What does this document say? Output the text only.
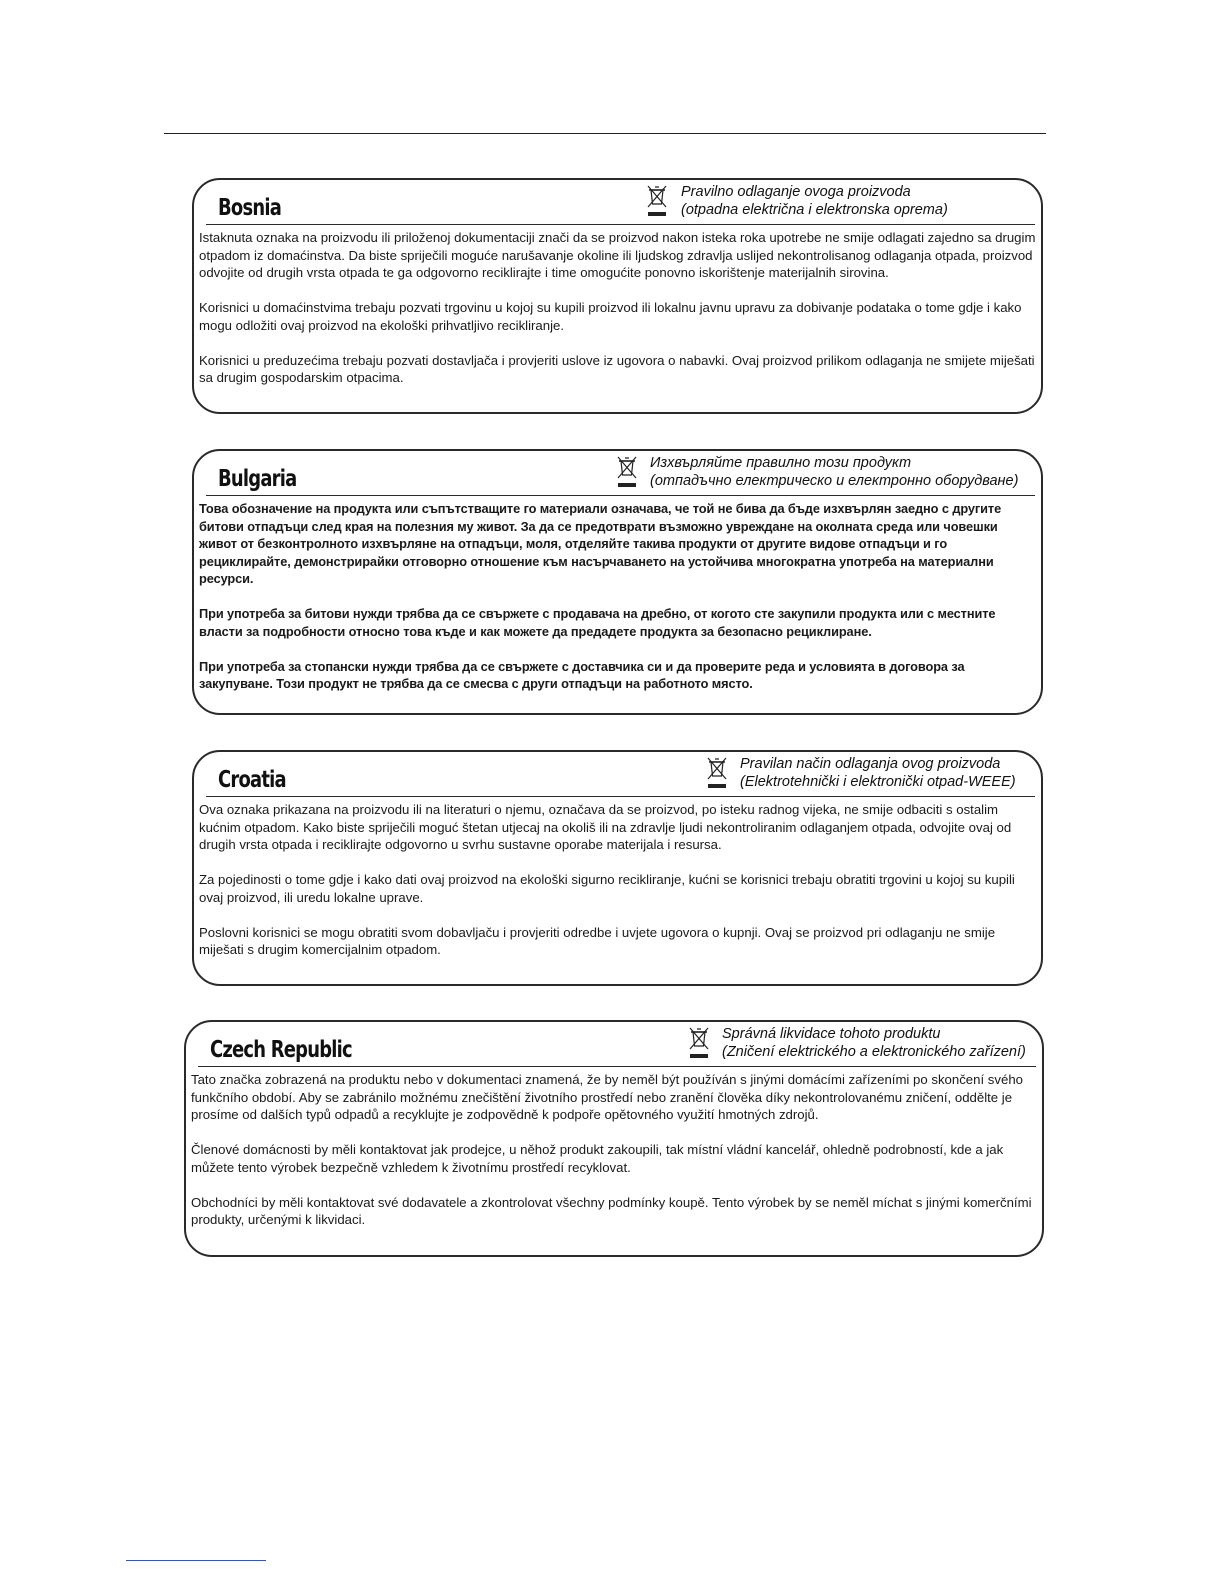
Bosnia
Pravilno odlaganje ovoga proizvoda
(otpadna električna i elektronska oprema)

Istaknuta oznaka na proizvodu ili priloženoj dokumentaciji znači da se proizvod nakon isteka roka upotrebe ne smije odlagati zajedno sa drugim otpadom iz domaćinstva. Da biste spriječili moguće narušavanje okoline ili ljudskog zdravlja uslijed nekontrolisanog odlaganja otpada, proizvod odvojite od drugih vrsta otpada te ga odgovorno reciklirajte i time omogućite ponovno iskorištenje materijalnih sirovina.

Korisnici u domaćinstvima trebaju pozvati trgovinu u kojoj su kupili proizvod ili lokalnu javnu upravu za dobivanje podataka o tome gdje i kako mogu odložiti ovaj proizvod na ekološki prihvatljivo recikliranje.

Korisnici u preduzećima trebaju pozvati dostavljača i provjeriti uslove iz ugovora o nabavki. Ovaj proizvod prilikom odlaganja ne smijete miješati sa drugim gospodarskim otpacima.

Bulgaria
Изхвърляйте правилно този продукт
(отпадъчно електрическо и електронно оборудване)

Това обозначение на продукта или съпътстващите го материали означава, че той не бива да бъде изхвърлян заедно с другите битови отпадъци след края на полезния му живот. За да се предотврати възможно увреждане на околната среда или човешки живот от безконтролното изхвърляне на отпадъци, моля, отделяйте такива продукти от другите видове отпадъци и го рециклирайте, демонстрирайки отговорно отношение към насърчаването на устойчива многократна употреба на материални ресурси.

При употреба за битови нужди трябва да се свържете с продавача на дребно, от когото сте закупили продукта или с местните власти за подробности относно това къде и как можете да предадете продукта за безопасно рециклиране.

При употреба за стопански нужди трябва да се свържете с доставчика си и да проверите реда и условията в договора за закупуване. Този продукт не трябва да се смесва с други отпадъци на работното място.

Croatia
Pravilan način odlaganja ovog proizvoda
(Elektrotehnički i elektronički otpad-WEEE)

Ova oznaka prikazana na proizvodu ili na literaturi o njemu, označava da se proizvod, po isteku radnog vijeka, ne smije odbaciti s ostalim kućnim otpadom. Kako biste spriječili moguć štetan utjecaj na okoliš ili na zdravlje ljudi nekontroliranim odlaganjem otpada, odvojite ovaj od drugih vrsta otpada i reciklirajte odgovorno u svrhu sustavne oporabe materijala i resursa.

Za pojedinosti o tome gdje i kako dati ovaj proizvod na ekološki sigurno recikliranje, kućni se korisnici trebaju obratiti trgovini u kojoj su kupili ovaj proizvod, ili uredu lokalne uprave.

Poslovni korisnici se mogu obratiti svom dobavljaču i provjeriti odredbe i uvjete ugovora o kupnji. Ovaj se proizvod pri odlaganju ne smije miješati s drugim komercijalnim otpadom.

Czech Republic
Správná likvidace tohoto produktu
(Zničení elektrického a elektronického zařízení)

Tato značka zobrazená na produktu nebo v dokumentaci znamená, že by neměl být používán s jinými domácími zařízeními po skončení svého funkčního období. Aby se zabránilo možnému znečištění životního prostředí nebo zranění člověka díky nekontrolovanému zničení, oddělte je prosíme od dalších typů odpadů a recyklujte je zodpovědně k podpoře opětovného využití hmotných zdrojů.

Členové domácnosti by měli kontaktovat jak prodejce, u něhož produkt zakoupili, tak místní vládní kancelář, ohledně podrobností, kde a jak můžete tento výrobek bezpečně vzhledem k životnímu prostředí recyklovat.

Obchodníci by měli kontaktovat své dodavatele a zkontrolovat všechny podmínky koupě. Tento výrobek by se neměl míchat s jinými komerčními produkty, určenými k likvidaci.
